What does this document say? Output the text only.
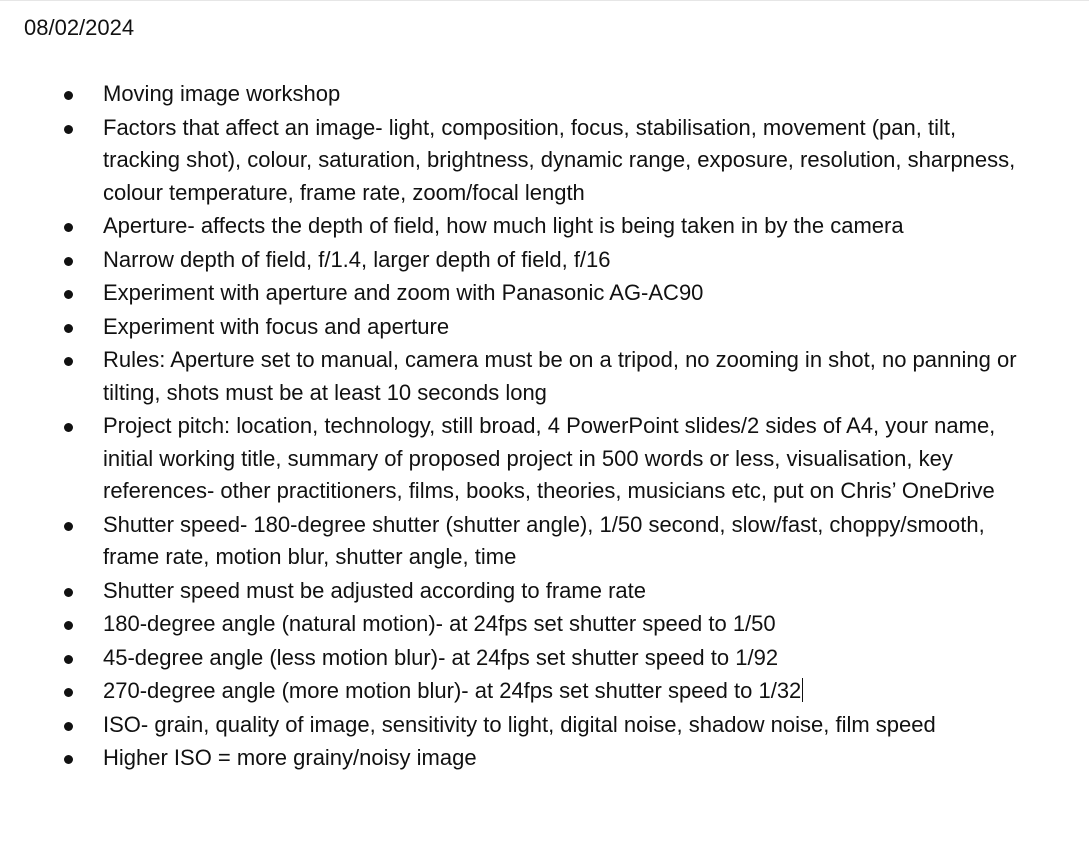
08/02/2024

Moving image workshop
Factors that affect an image- light, composition, focus, stabilisation, movement (pan, tilt, tracking shot), colour, saturation, brightness, dynamic range, exposure, resolution, sharpness, colour temperature, frame rate, zoom/focal length
Aperture- affects the depth of field, how much light is being taken in by the camera
Narrow depth of field, f/1.4, larger depth of field, f/16
Experiment with aperture and zoom with Panasonic AG-AC90
Experiment with focus and aperture
Rules: Aperture set to manual, camera must be on a tripod, no zooming in shot, no panning or tilting, shots must be at least 10 seconds long
Project pitch: location, technology, still broad, 4 PowerPoint slides/2 sides of A4, your name, initial working title, summary of proposed project in 500 words or less, visualisation, key references- other practitioners, films, books, theories, musicians etc, put on Chris’ OneDrive
Shutter speed- 180-degree shutter (shutter angle), 1/50 second, slow/fast, choppy/smooth, frame rate, motion blur, shutter angle, time
Shutter speed must be adjusted according to frame rate
180-degree angle (natural motion)- at 24fps set shutter speed to 1/50
45-degree angle (less motion blur)- at 24fps set shutter speed to 1/92
270-degree angle (more motion blur)- at 24fps set shutter speed to 1/32
ISO- grain, quality of image, sensitivity to light, digital noise, shadow noise, film speed
Higher ISO = more grainy/noisy image
